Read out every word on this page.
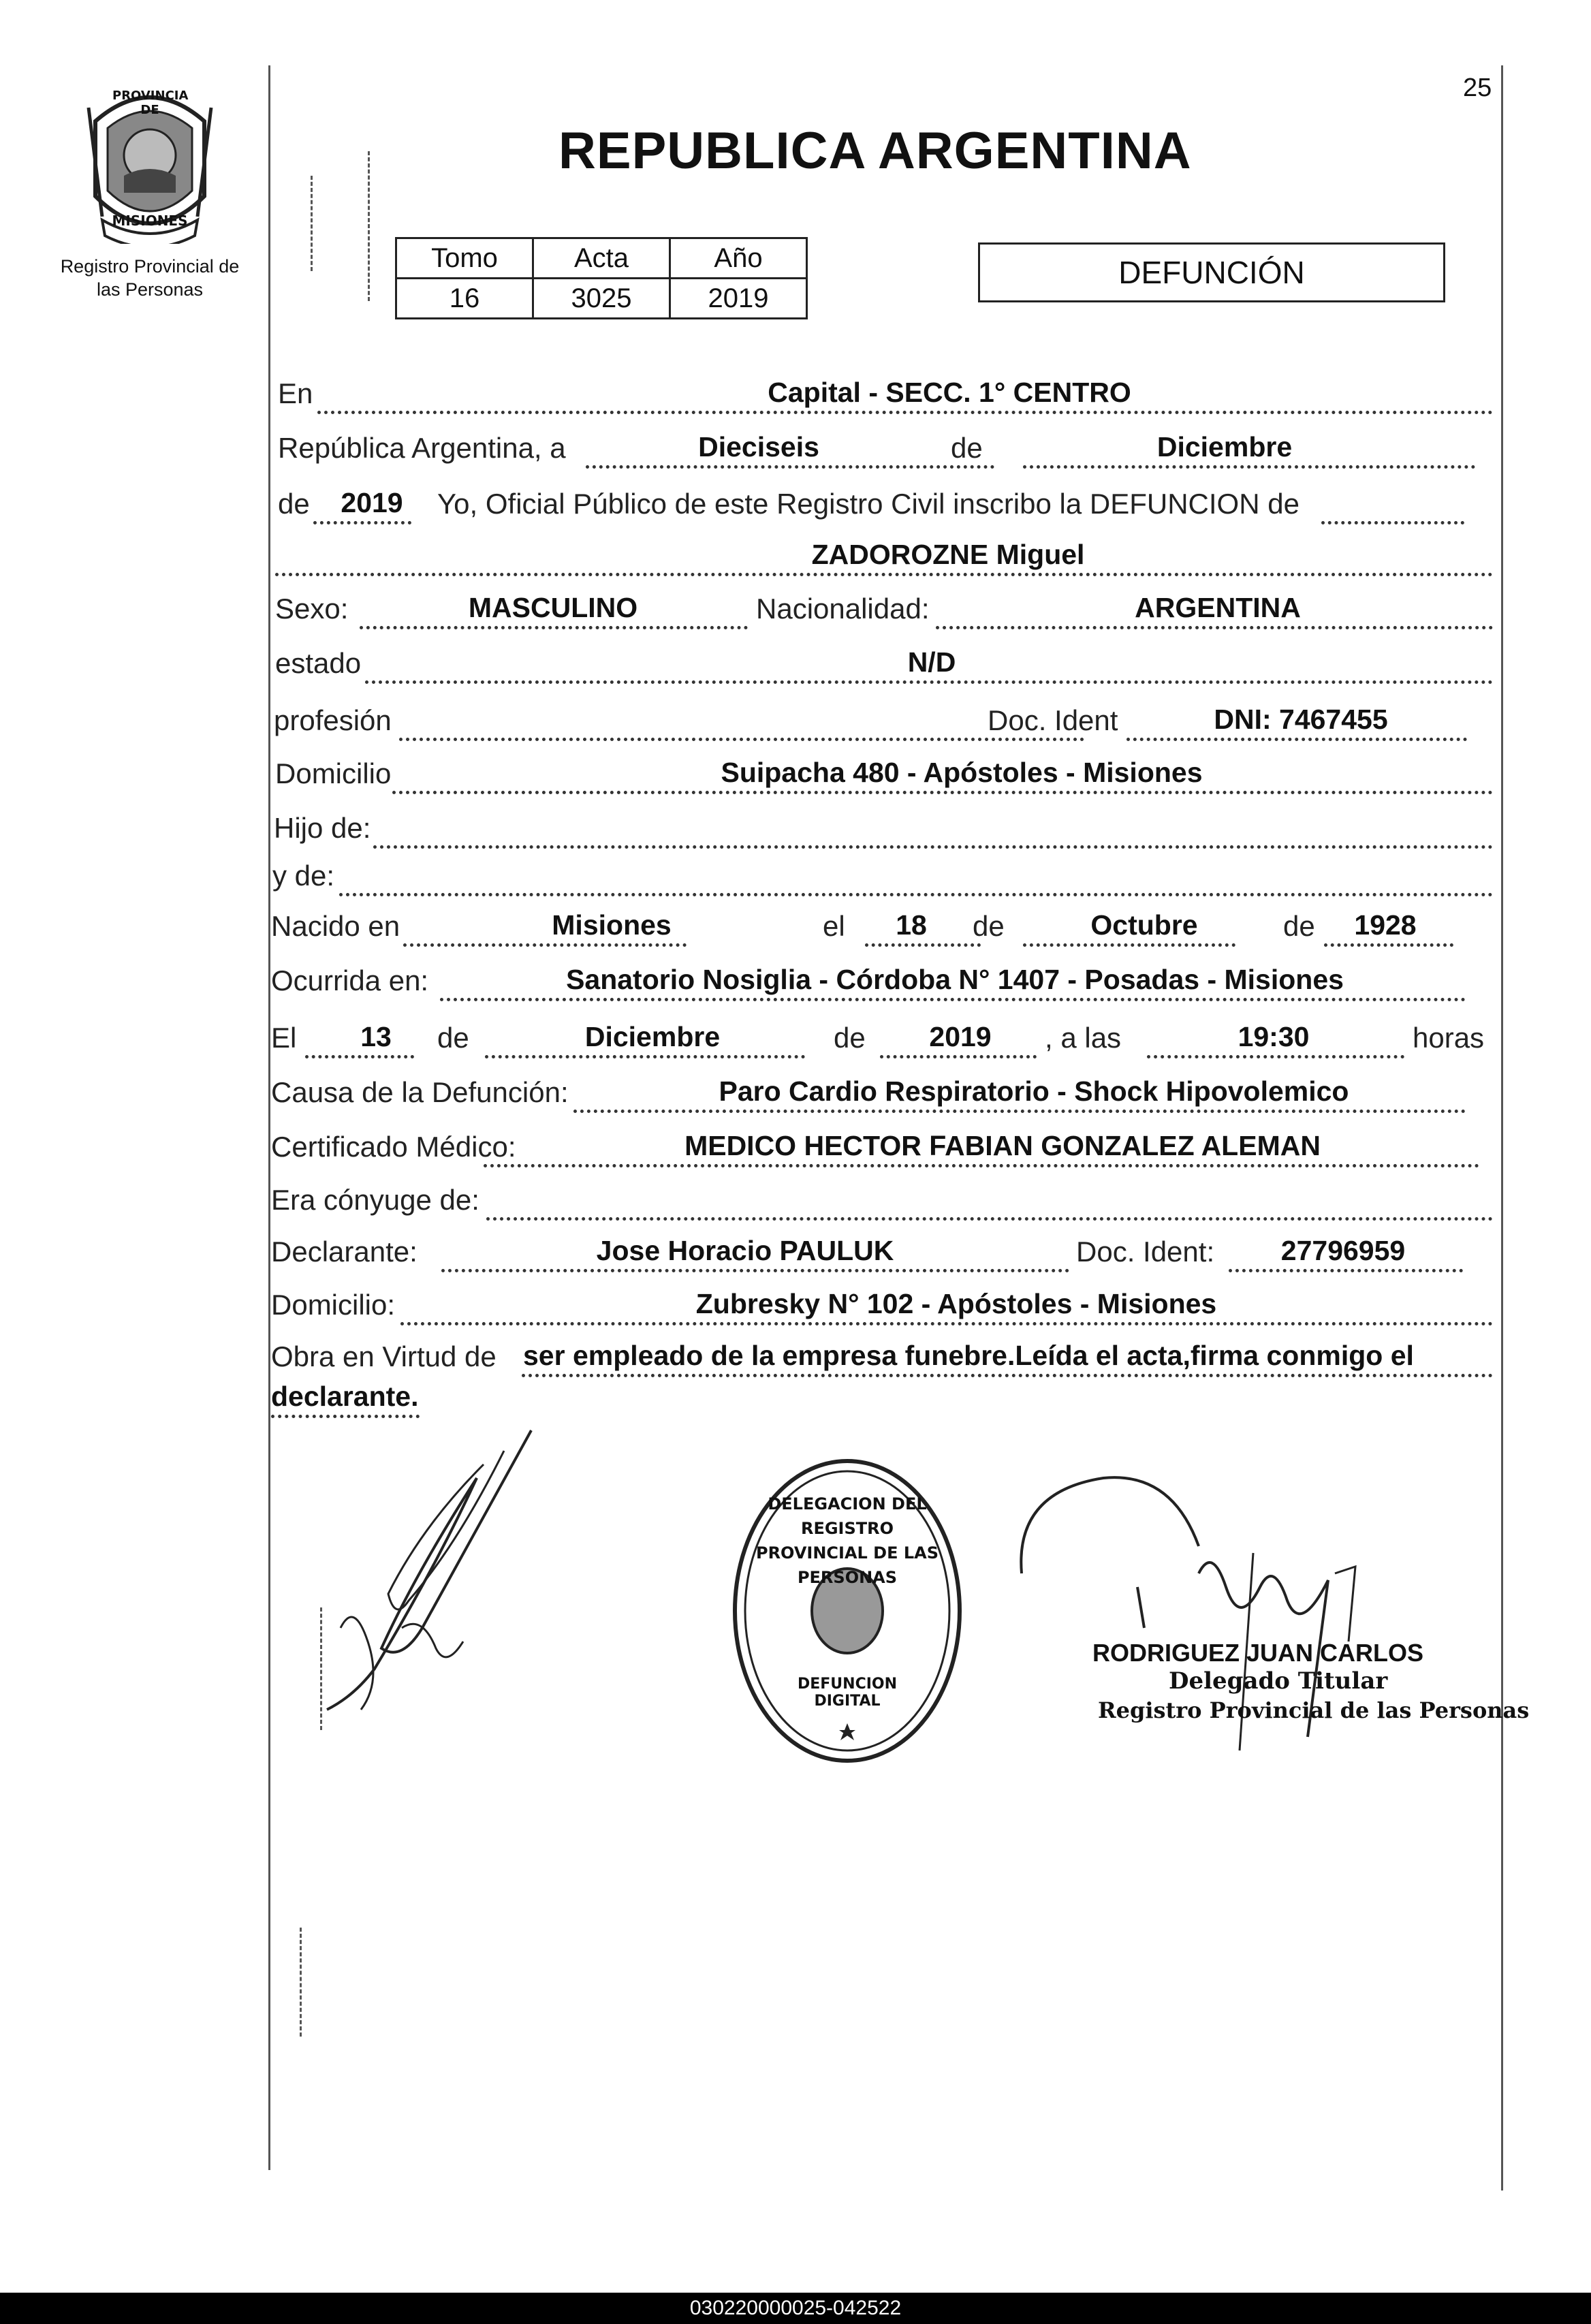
25
PROVINCIA DE
MISIONES
Registro Provincial de
las Personas
REPUBLICA ARGENTINA
Tomo	Acta	Año
16	3025	2019
DEFUNCIÓN
En	Capital - SECC. 1° CENTRO
República Argentina, a	Dieciseis	de	Diciembre
de 2019 Yo, Oficial Público de este Registro Civil inscribo la DEFUNCION de
ZADOROZNE Miguel
Sexo:	MASCULINO	Nacionalidad:	ARGENTINA
estado	N/D
profesión	Doc. Ident	DNI: 7467455
Domicilio	Suipacha 480 - Apóstoles - Misiones
Hijo de:
y de:
Nacido en	Misiones	el 18 de	Octubre	de 1928
Ocurrida en:	Sanatorio Nosiglia - Córdoba N° 1407 - Posadas - Misiones
El 13 de	Diciembre	de 2019 , a las	19:30	horas
Causa de la Defunción:	Paro Cardio Respiratorio - Shock Hipovolemico
Certificado Médico:	MEDICO HECTOR FABIAN GONZALEZ ALEMAN
Era cónyuge de:
Declarante:	Jose Horacio PAULUK	Doc. Ident: 27796959
Domicilio:	Zubresky N° 102 - Apóstoles - Misiones
Obra en Virtud de ser empleado de la empresa funebre.Leída el acta,firma conmigo el
declarante.
DELEGACION DEL REGISTRO PROVINCIAL DE LAS PERSONAS
DEFUNCION DIGITAL
RODRIGUEZ JUAN CARLOS
Delegado Titular
Registro Provincial de las Personas
030220000025-042522
